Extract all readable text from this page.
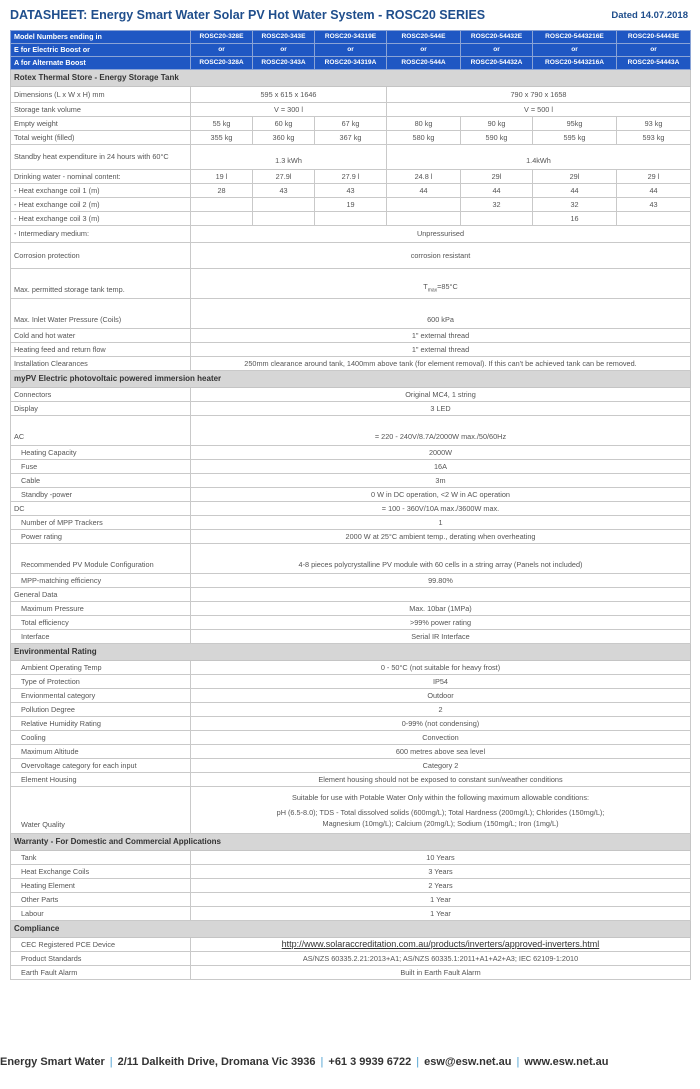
DATASHEET: Energy Smart Water Solar PV Hot Water System - ROSC20 SERIES	Dated 14.07.2018
Model Numbers ending in	ROSC20-328E	ROSC20-343E	ROSC20-34319E	ROSC20-544E	ROSC20-54432E	ROSC20-5443216E	ROSC20-54443E
E for Electric Boost or	or	or	or	or	or	or	or
A for Alternate Boost	ROSC20-328A	ROSC20-343A	ROSC20-34319A	ROSC20-544A	ROSC20-54432A	ROSC20-5443216A	ROSC20-54443A
Rotex Thermal Store - Energy Storage Tank							
Dimensions (L x W x H) mm	595 x 615 x 1646			790 x 790 x 1658			
Storage tank volume	V = 300 l			V = 500 l			
Empty weight	55 kg	60 kg	67 kg	80 kg	90 kg	95kg	93 kg
Total weight (filled)	355 kg	360 kg	367 kg	580 kg	590 kg	595 kg	593 kg
Standby heat expenditure in 24 hours with 60°C	1.3 kWh			1.4kWh			
Drinking water - nominal content:	19 l	27.9l	27.9 l	24.8 l	29l	29l	29 l
- Heat exchange coil 1 (m)	28	43	43	44	44	44	44
- Heat exchange coil 2 (m)			19		32	32	43
- Heat exchange coil 3 (m)						16	
- Intermediary medium:	Unpressurised						
Corrosion protection	corrosion resistant						
Max. permitted storage tank temp.	$T_{max}=85^\circ C$						
Max. Inlet Water Pressure (Coils)	600 kPa						
Cold and hot water	1" external thread						
Heating feed and return flow	1" external thread						
Installation Clearances	250mm clearance around tank, 1400mm above tank (for element removal). If this can't be achieved tank can be removed.						
myPV Electric photovoltaic powered immersion heater							
Connectors	Original MC4, 1 string						
Display	3 LED						
AC	= 220 - 240V/8.7A/2000W max./50/60Hz						
Heating Capacity	2000W						
Fuse	16A						
Cable	3m						
Standby -power	0 W in DC operation, <2 W in AC operation						
DC	= 100 - 360V/10A max./3600W max.						
Number of MPP Trackers	1						
Power rating	2000 W at 25°C ambient temp., derating when overheating						
Recommended PV Module Configuration	4-8 pieces polycrystalline PV module with 60 cells in a string array (Panels not included)						
MPP-matching efficiency	99.80%						
General Data							
Maximum Pressure	Max. 10bar (1MPa)						
Total efficiency	>99% power rating						
Interface	Serial IR Interface						
Environmental Rating							
Ambient Operating Temp	0 - 50°C (not suitable for heavy frost)						
Type of Protection	IP54						
Envionmental category	Outdoor						
Pollution Degree	2						
Relative Humidity Rating	0-99% (not condensing)						
Cooling	Convection						
Maximum Altitude	600 metres above sea level						
Overvoltage category for each input	Category 2						
Element Housing	Element housing should not be exposed to constant sun/weather conditions						
Water Quality	Suitable for use with Potable Water Only within the following maximum allowable conditions:
pH (6.5-8.0); TDS - Total dissolved solids (600mg/L); Total Hardness (200mg/L); Chlorides (150mg/L);
Magnesium (10mg/L); Calcium (20mg/L); Sodium (150mg/L; Iron (1mg/L)						

Warranty - For Domestic and Commercial Applications							
Tank	10 Years						
Heat Exchange Coils	3 Years						
Heating Element	2 Years						
Other Parts	1 Year						
Labour	1 Year						
Compliance							
CEC Registered PCE Device	http://www.solaraccreditation.com.au/products/inverters/approved-inverters.html						
Product Standards	AS/NZS 60335.2.21:2013+A1; AS/NZS 60335.1:2011+A1+A2+A3; IEC 62109-1:2010						
Earth Fault Alarm	Built in Earth Fault Alarm						
Energy Smart Water | 2/11 Dalkeith Drive, Dromana Vic 3936 | +61 3 9939 6722 | esw@esw.net.au | www.esw.net.au
